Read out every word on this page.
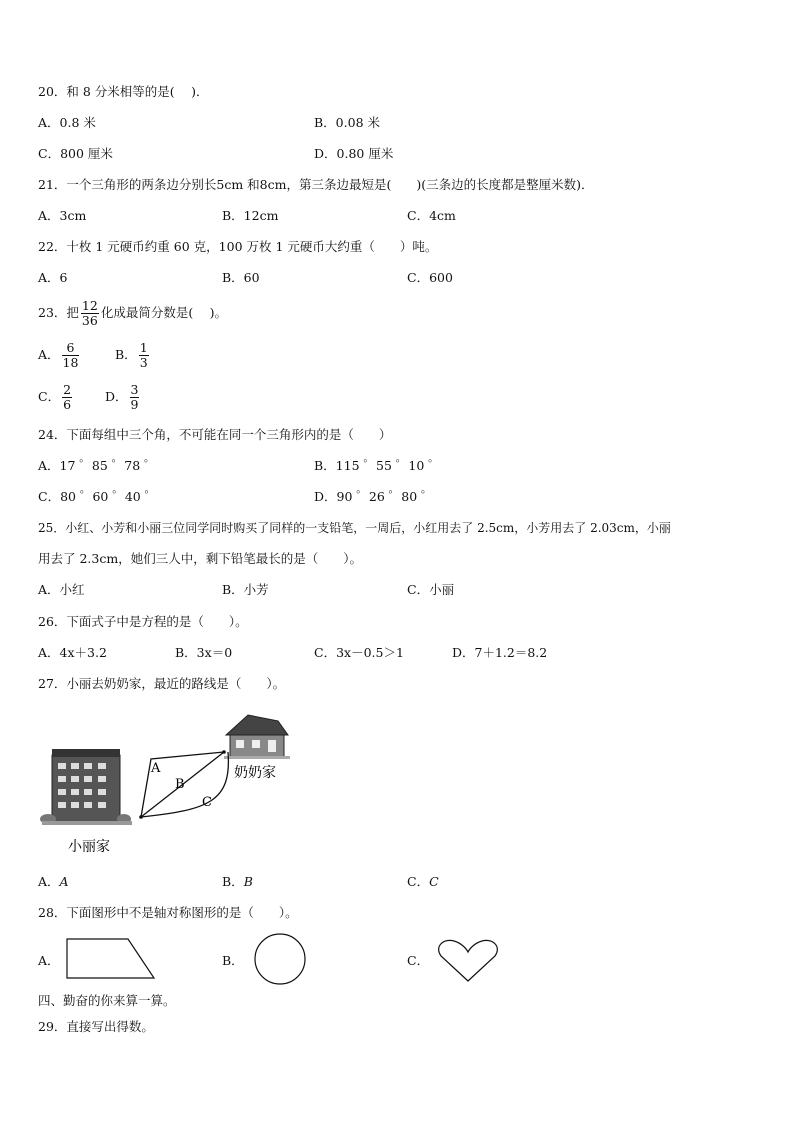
20．和 8 分米相等的是(　 )．
A．0.8 米	B．0.08 米
C．800 厘米	D．0.80 厘米
21．一个三角形的两条边分别长5cm 和8cm，第三条边最短是(　　)(三条边的长度都是整厘米数)．
A．3cm	B．12cm	C．4cm
22．十枚 1 元硬币约重 60 克，100 万枚 1 元硬币大约重（　　）吨。
A．6	B．60	C．600
23．把 $\frac{12}{36}$ 化成最简分数是(　 )。
A． $\frac{6}{18}$	B． $\frac{1}{3}$
C． $\frac{2}{6}$	D． $\frac{3}{9}$
24．下面每组中三个角，不可能在同一个三角形内的是（　　）
A．17 ゜85 ゜78 ゜	B．115 ゜55 ゜10 ゜
C．80 ゜60 ゜40 ゜	D．90 ゜26 ゜80 ゜
25．小红、小芳和小丽三位同学同时购买了同样的一支铅笔，一周后，小红用去了 2.5cm，小芳用去了 2.03cm，小丽
用去了 2.3cm，她们三人中，剩下铅笔最长的是（　　）。
A．小红	B．小芳	C．小丽
26．下面式子中是方程的是（　　）。
A．4x＋3.2	B．3x＝0	C．3x－0.5＞1	D．7＋1.2＝8.2
27．小丽去奶奶家，最近的路线是（　　）。
A
B
C
奶奶家
小丽家
A．A	B．B	C．C
28．下面图形中不是轴对称图形的是（　　）。
A．	B．	C．
四、勤奋的你来算一算。
29．直接写出得数。
